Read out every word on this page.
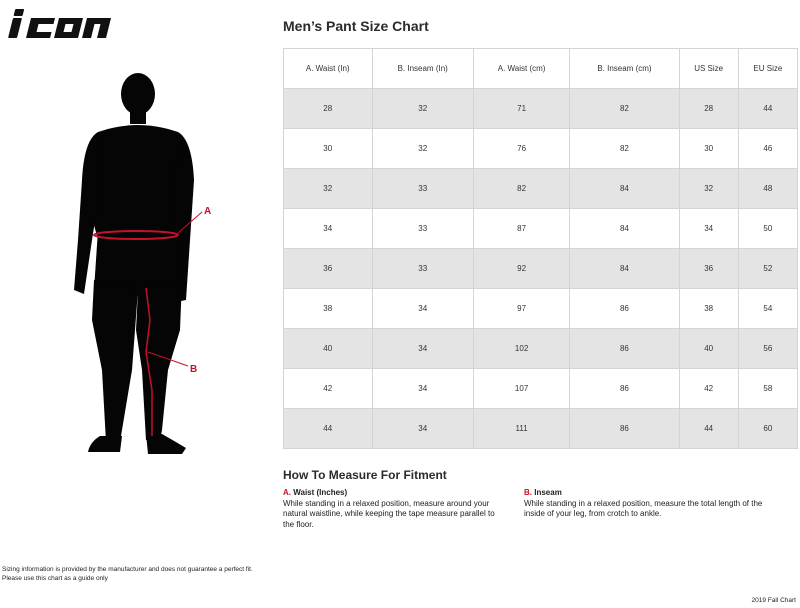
ICON
A
B
Men’s Pant Size Chart
A. Waist (In)	B. Inseam (In)	A. Waist (cm)	B. Inseam (cm)	US Size	EU Size
28	32	71	82	28	44
30	32	76	82	30	46
32	33	82	84	32	48
34	33	87	84	34	50
36	33	92	84	36	52
38	34	97	86	38	54
40	34	102	86	40	56
42	34	107	86	42	58
44	34	111	86	44	60
How To Measure For Fitment
A. Waist (Inches)
While standing in a relaxed position, measure around your natural waistline, while keeping the tape measure parallel to the floor.
B. Inseam
While standing in a relaxed position, measure the total length of the inside of your leg, from crotch to ankle.
Sizing information is provided by the manufacturer and does not guarantee a perfect fit.
Please use this chart as a guide only
2019 Fall Chart
